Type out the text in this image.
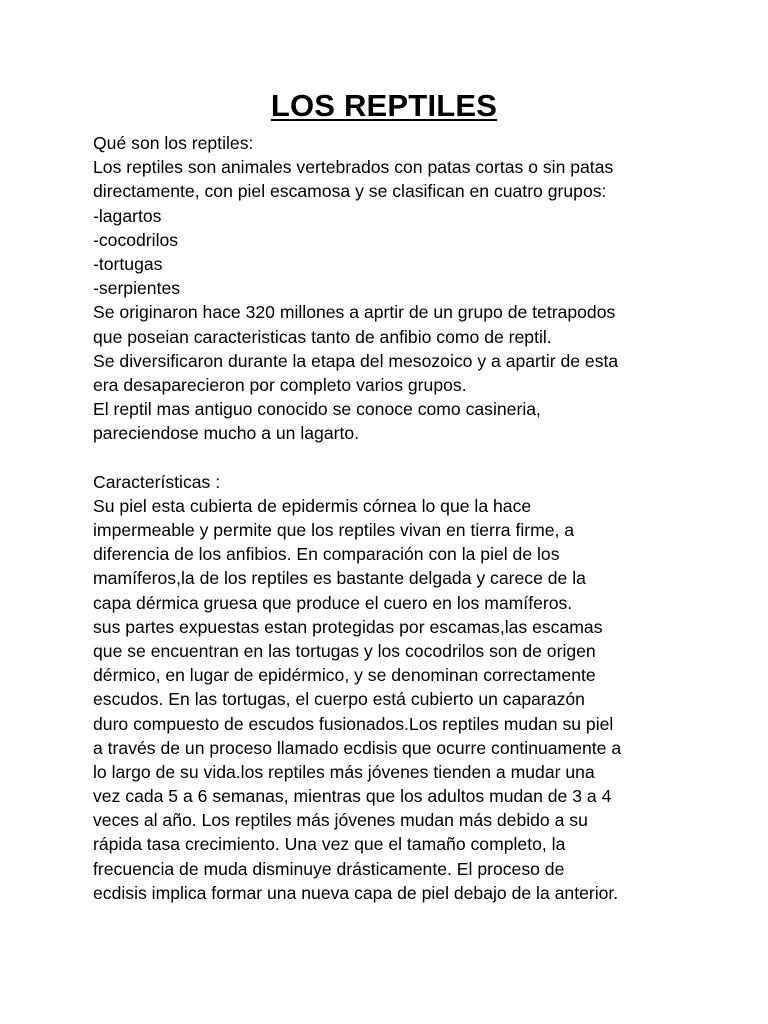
LOS REPTILES
Qué son los reptiles:
Los reptiles son animales vertebrados con patas cortas o sin patas
directamente, con piel escamosa y se clasifican en cuatro grupos:
-lagartos
-cocodrilos
-tortugas
-serpientes
Se originaron hace 320 millones a aprtir de un grupo de tetrapodos
que poseian caracteristicas tanto de anfibio como de reptil.
Se diversificaron durante la etapa del mesozoico y a apartir de esta
era desaparecieron por completo varios grupos.
El reptil mas antiguo conocido se conoce como casineria,
pareciendose mucho a un lagarto.
Características :
Su piel esta cubierta de epidermis córnea lo que la hace
impermeable y permite que los reptiles vivan en tierra firme, a
diferencia de los anfibios. En comparación con la piel de los
mamíferos,la de los reptiles es bastante delgada y carece de la
capa dérmica gruesa que produce el cuero en los mamíferos.
sus partes expuestas estan protegidas por escamas,las escamas
que se encuentran en las tortugas y los cocodrilos son de origen
dérmico, en lugar de epidérmico, y se denominan correctamente
escudos. En las tortugas, el cuerpo está cubierto un caparazón
duro compuesto de escudos fusionados.Los reptiles mudan su piel
a través de un proceso llamado ecdisis que ocurre continuamente a
lo largo de su vida.los reptiles más jóvenes tienden a mudar una
vez cada 5 a 6 semanas, mientras que los adultos mudan de 3 a 4
veces al año. Los reptiles más jóvenes mudan más debido a su
rápida tasa crecimiento. Una vez que el tamaño completo, la
frecuencia de muda disminuye drásticamente. El proceso de
ecdisis implica formar una nueva capa de piel debajo de la anterior.
